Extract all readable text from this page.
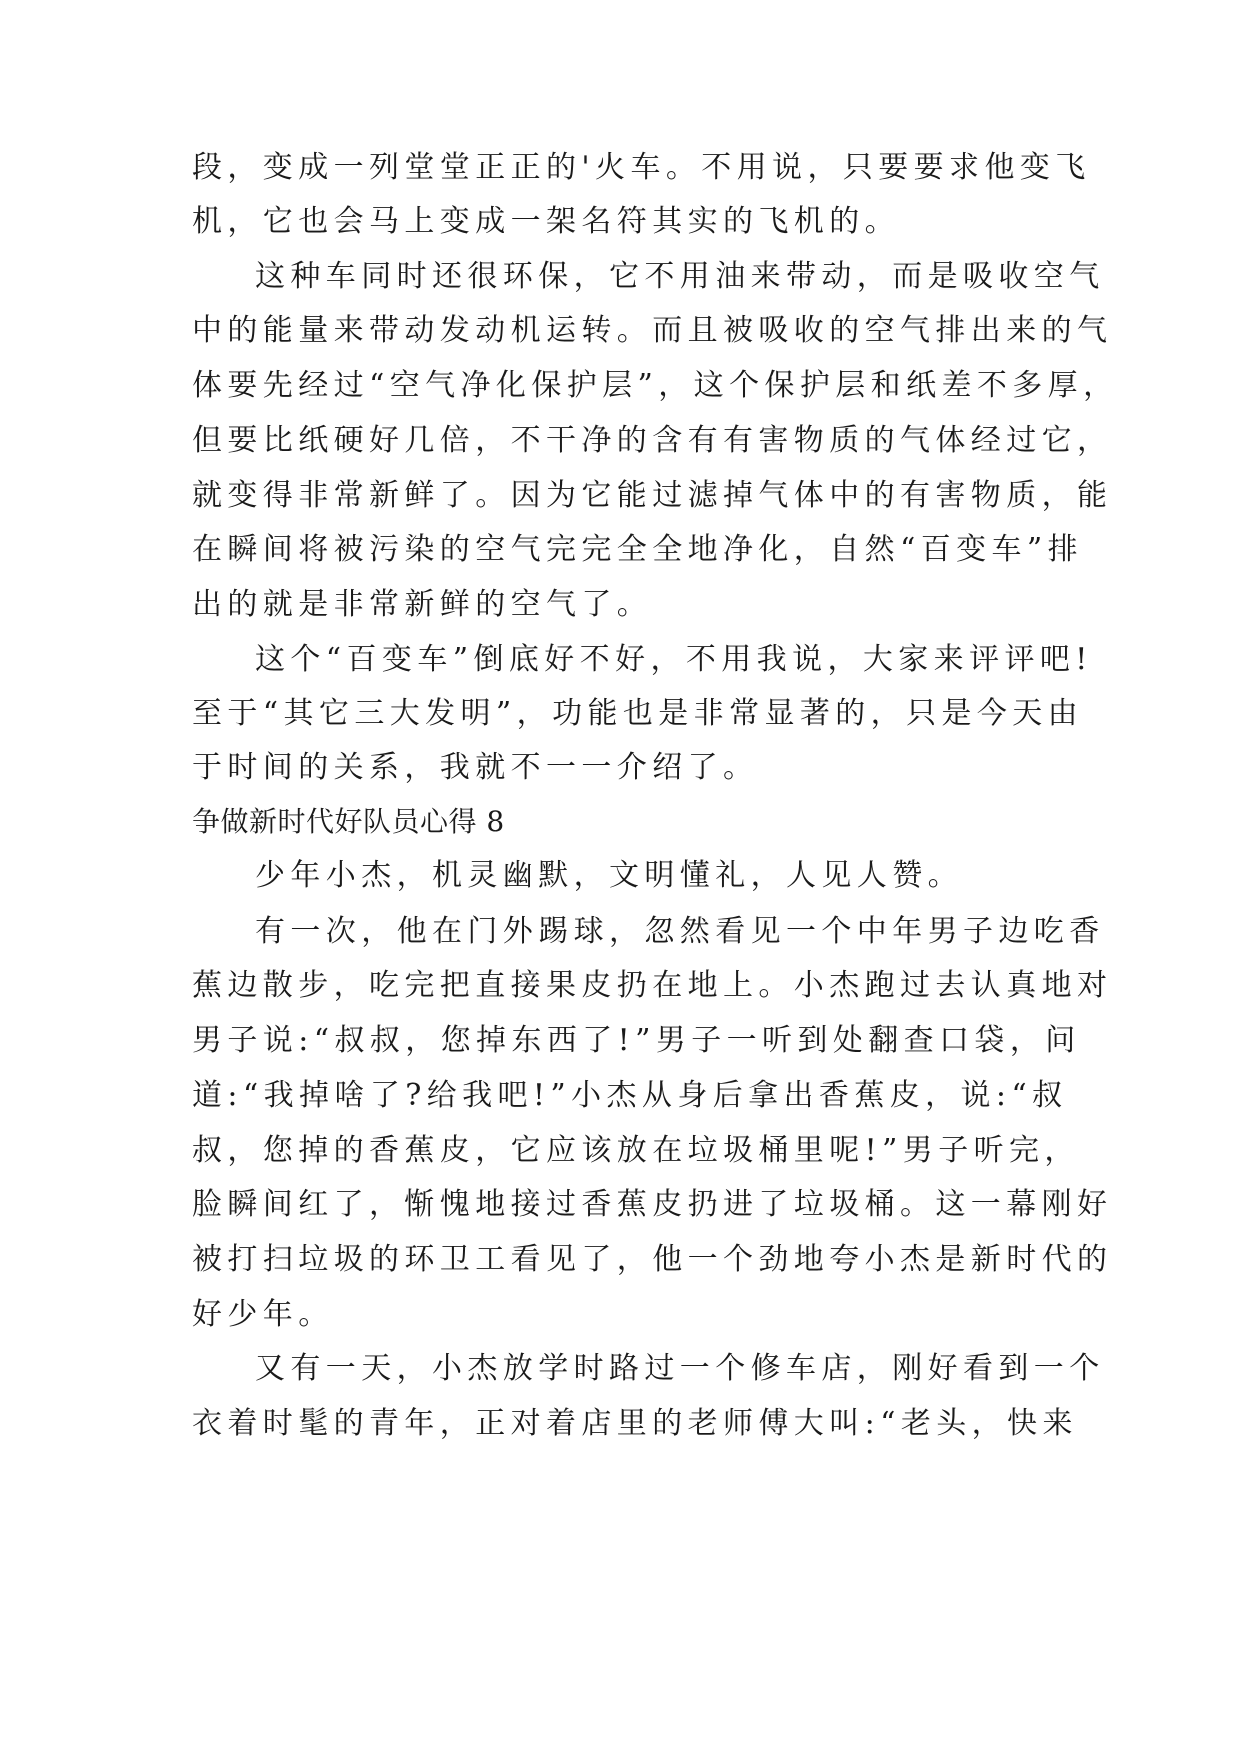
段，变成一列堂堂正正的'火车。不用说，只要要求他变飞
机，它也会马上变成一架名符其实的飞机的。
这种车同时还很环保，它不用油来带动，而是吸收空气
中的能量来带动发动机运转。而且被吸收的空气排出来的气
体要先经过“空气净化保护层”，这个保护层和纸差不多厚，
但要比纸硬好几倍，不干净的含有有害物质的气体经过它，
就变得非常新鲜了。因为它能过滤掉气体中的有害物质，能
在瞬间将被污染的空气完完全全地净化，自然“百变车”排
出的就是非常新鲜的空气了。
这个“百变车”倒底好不好，不用我说，大家来评评吧!
至于“其它三大发明”，功能也是非常显著的，只是今天由
于时间的关系，我就不一一介绍了。
争做新时代好队员心得 8
少年小杰，机灵幽默，文明懂礼，人见人赞。
有一次，他在门外踢球，忽然看见一个中年男子边吃香
蕉边散步，吃完把直接果皮扔在地上。小杰跑过去认真地对
男子说:“叔叔，您掉东西了!”男子一听到处翻查口袋，问
道:“我掉啥了?给我吧!”小杰从身后拿出香蕉皮，说:“叔
叔，您掉的香蕉皮，它应该放在垃圾桶里呢!”男子听完，
脸瞬间红了，惭愧地接过香蕉皮扔进了垃圾桶。这一幕刚好
被打扫垃圾的环卫工看见了，他一个劲地夸小杰是新时代的
好少年。
又有一天，小杰放学时路过一个修车店，刚好看到一个
衣着时髦的青年，正对着店里的老师傅大叫:“老头，快来
